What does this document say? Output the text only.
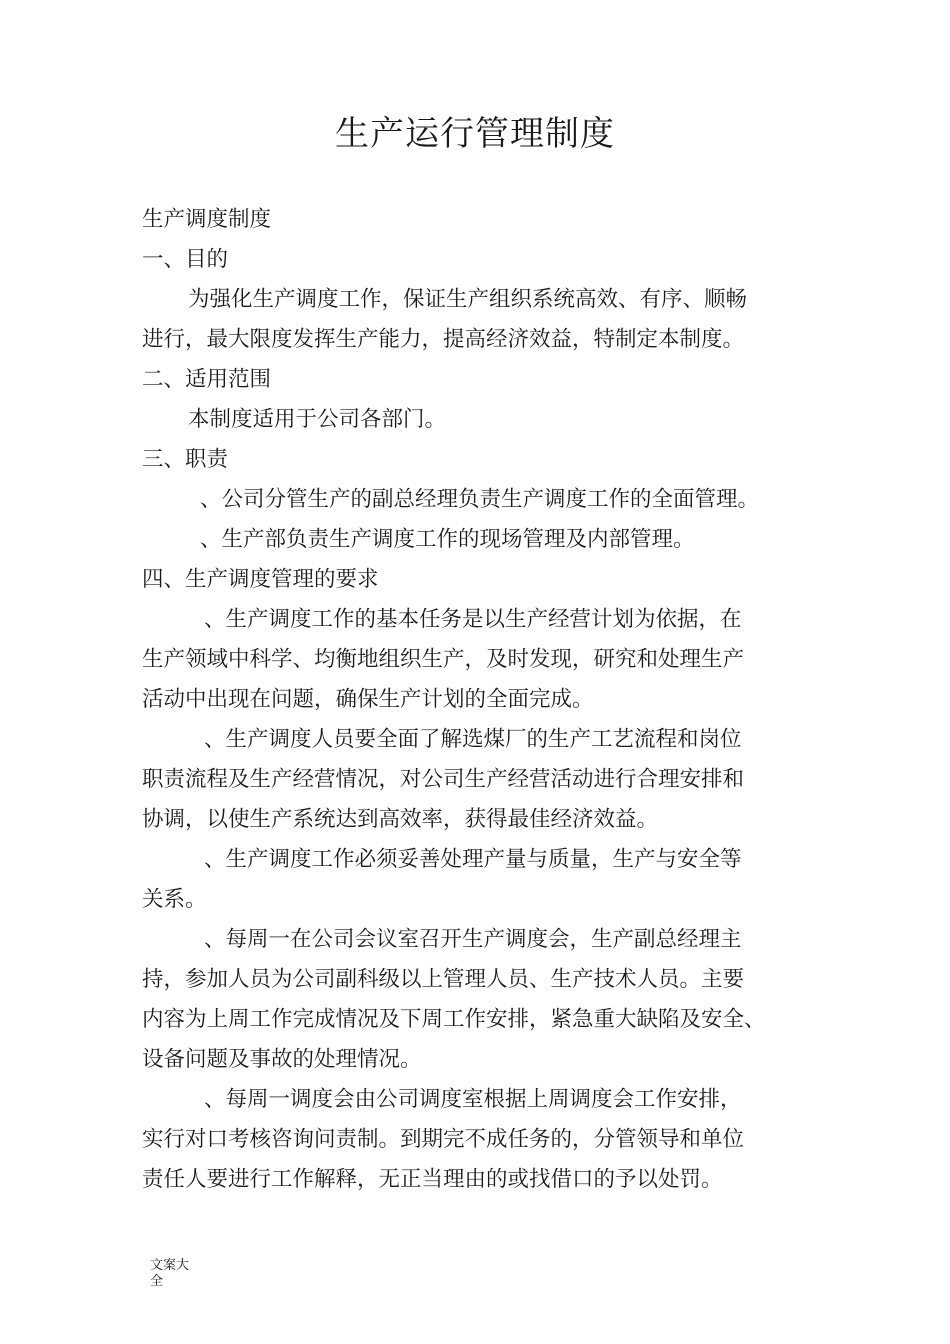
生产运行管理制度
生产调度制度
一、目的
为强化生产调度工作，保证生产组织系统高效、有序、顺畅
进行，最大限度发挥生产能力，提高经济效益，特制定本制度。
二、适用范围
本制度适用于公司各部门。
三、职责
、公司分管生产的副总经理负责生产调度工作的全面管理。
、生产部负责生产调度工作的现场管理及内部管理。
四、生产调度管理的要求
、生产调度工作的基本任务是以生产经营计划为依据，在
生产领域中科学、均衡地组织生产，及时发现，研究和处理生产
活动中出现在问题，确保生产计划的全面完成。
、生产调度人员要全面了解选煤厂的生产工艺流程和岗位
职责流程及生产经营情况，对公司生产经营活动进行合理安排和
协调，以使生产系统达到高效率，获得最佳经济效益。
、生产调度工作必须妥善处理产量与质量，生产与安全等
关系。
、每周一在公司会议室召开生产调度会，生产副总经理主
持，参加人员为公司副科级以上管理人员、生产技术人员。主要
内容为上周工作完成情况及下周工作安排，紧急重大缺陷及安全、
设备问题及事故的处理情况。
、每周一调度会由公司调度室根据上周调度会工作安排，
实行对口考核咨询问责制。到期完不成任务的，分管领导和单位
责任人要进行工作解释，无正当理由的或找借口的予以处罚。
文案大
全
